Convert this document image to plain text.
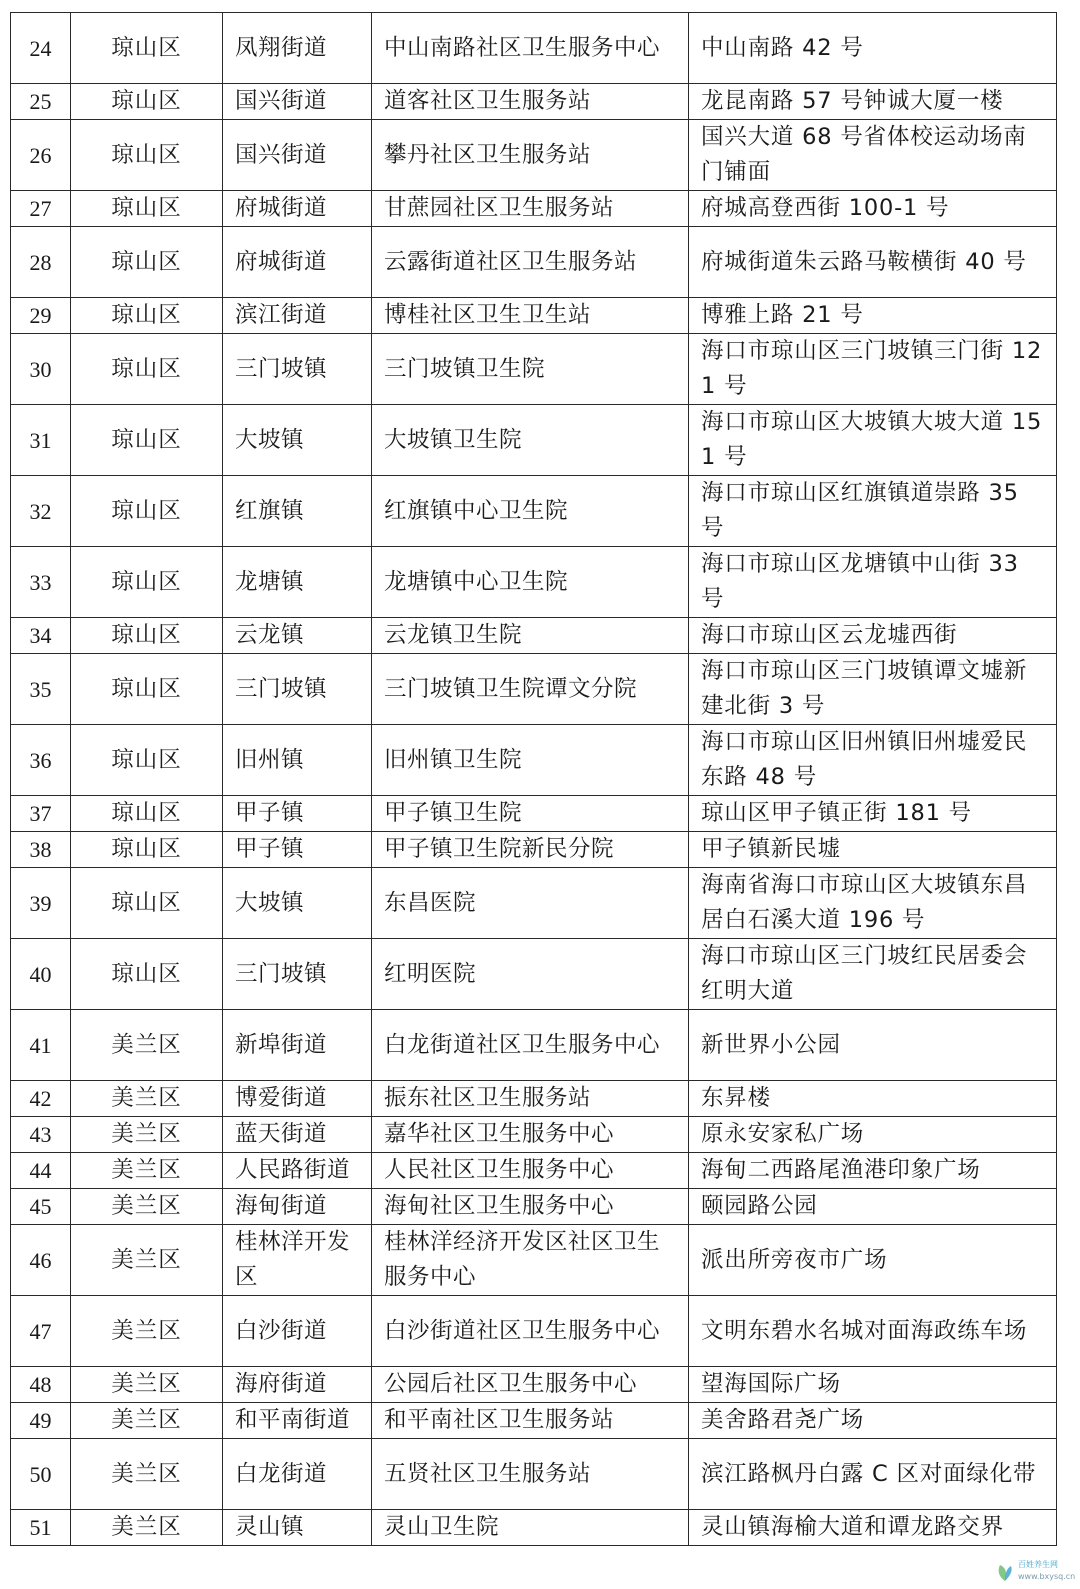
24	琼山区	凤翔街道	中山南路社区卫生服务中心	中山南路 42 号
25	琼山区	国兴街道	道客社区卫生服务站	龙昆南路 57 号钟诚大厦一楼
26	琼山区	国兴街道	攀丹社区卫生服务站	国兴大道 68 号省体校运动场南门铺面
27	琼山区	府城街道	甘蔗园社区卫生服务站	府城高登西街 100-1 号
28	琼山区	府城街道	云露街道社区卫生服务站	府城街道朱云路马鞍横街 40 号
29	琼山区	滨江街道	博桂社区卫生卫生站	博雅上路 21 号
30	琼山区	三门坡镇	三门坡镇卫生院	海口市琼山区三门坡镇三门街 121 号
31	琼山区	大坡镇	大坡镇卫生院	海口市琼山区大坡镇大坡大道 151 号
32	琼山区	红旗镇	红旗镇中心卫生院	海口市琼山区红旗镇道崇路 35 号
33	琼山区	龙塘镇	龙塘镇中心卫生院	海口市琼山区龙塘镇中山街 33 号
34	琼山区	云龙镇	云龙镇卫生院	海口市琼山区云龙墟西街
35	琼山区	三门坡镇	三门坡镇卫生院谭文分院	海口市琼山区三门坡镇谭文墟新建北街 3 号
36	琼山区	旧州镇	旧州镇卫生院	海口市琼山区旧州镇旧州墟爱民东路 48 号
37	琼山区	甲子镇	甲子镇卫生院	琼山区甲子镇正街 181 号
38	琼山区	甲子镇	甲子镇卫生院新民分院	甲子镇新民墟
39	琼山区	大坡镇	东昌医院	海南省海口市琼山区大坡镇东昌居白石溪大道 196 号
40	琼山区	三门坡镇	红明医院	海口市琼山区三门坡红民居委会红明大道
41	美兰区	新埠街道	白龙街道社区卫生服务中心	新世界小公园
42	美兰区	博爱街道	振东社区卫生服务站	东昇楼
43	美兰区	蓝天街道	嘉华社区卫生服务中心	原永安家私广场
44	美兰区	人民路街道	人民社区卫生服务中心	海甸二西路尾渔港印象广场
45	美兰区	海甸街道	海甸社区卫生服务中心	颐园路公园
46	美兰区	桂林洋开发区	桂林洋经济开发区社区卫生服务中心	派出所旁夜市广场
47	美兰区	白沙街道	白沙街道社区卫生服务中心	文明东碧水名城对面海政练车场
48	美兰区	海府街道	公园后社区卫生服务中心	望海国际广场
49	美兰区	和平南街道	和平南社区卫生服务站	美舍路君尧广场
50	美兰区	白龙街道	五贤社区卫生服务站	滨江路枫丹白露 C 区对面绿化带
51	美兰区	灵山镇	灵山卫生院	灵山镇海榆大道和谭龙路交界
百姓养生网
www.bxysq.cn
